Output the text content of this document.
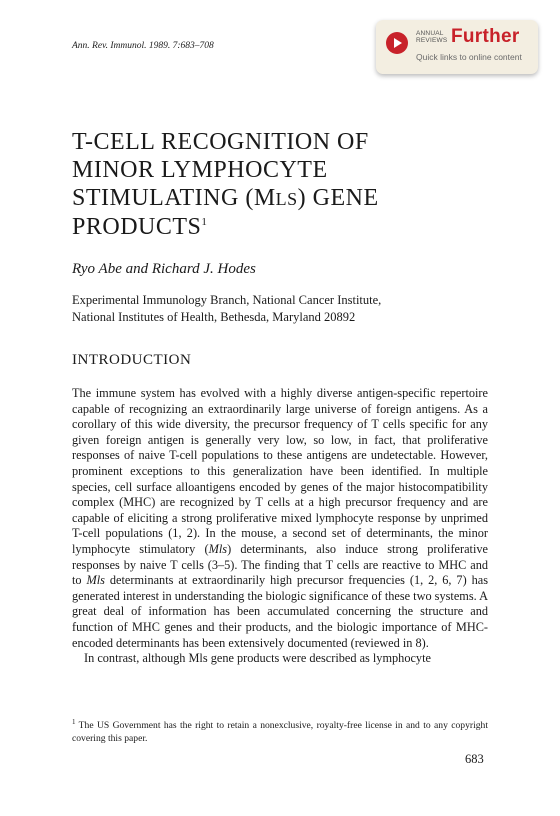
Ann. Rev. Immunol. 1989. 7:683–708
ANNUAL REVIEWS Further
Quick links to online content
T-CELL RECOGNITION OF
MINOR LYMPHOCYTE
STIMULATING (MLS) GENE
PRODUCTS$^1$
Ryo Abe and Richard J. Hodes
Experimental Immunology Branch, National Cancer Institute,
National Institutes of Health, Bethesda, Maryland 20892
INTRODUCTION

The immune system has evolved with a highly diverse antigen-specific repertoire capable of recognizing an extraordinarily large universe of foreign antigens. As a corollary of this wide diversity, the precursor frequency of T cells specific for any given foreign antigen is generally very low, so low, in fact, that proliferative responses of naive T-cell populations to these antigens are undetectable. However, prominent exceptions to this generalization have been identified. In multiple species, cell surface alloantigens encoded by genes of the major histocompatibility complex (MHC) are recognized by T cells at a high precursor frequency and are capable of eliciting a strong proliferative mixed lymphocyte response by unprimed T-cell populations (1, 2). In the mouse, a second set of determinants, the minor lymphocyte stimulatory (Mls) determinants, also induce strong proliferative responses by naive T cells (3–5). The finding that T cells are reactive to MHC and to Mls determinants at extraordinarily high precursor frequencies (1, 2, 6, 7) has generated interest in understanding the biologic significance of these two systems. A great deal of information has been accumulated concerning the structure and function of MHC genes and their products, and the biologic importance of MHC-encoded determinants has been extensively documented (reviewed in 8).

In contrast, although Mls gene products were described as lymphocyte

$^1$ The US Government has the right to retain a nonexclusive, royalty-free license in and to any copyright covering this paper.
683
